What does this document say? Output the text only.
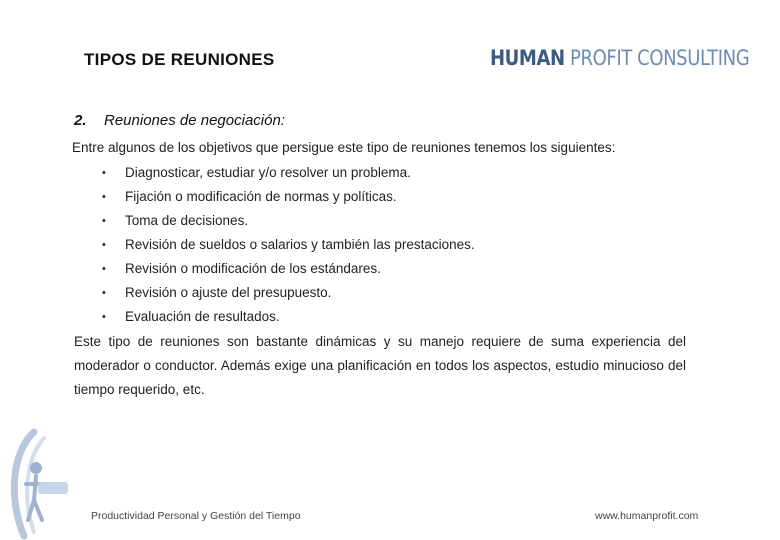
TIPOS DE REUNIONES	HUMAN PROFIT CONSULTING
2. Reuniones de negociación:
Entre algunos de los objetivos que persigue este tipo de reuniones tenemos los siguientes:
• Diagnosticar, estudiar y/o resolver un problema.
• Fijación o modificación de normas y políticas.
• Toma de decisiones.
• Revisión de sueldos o salarios y también las prestaciones.
• Revisión o modificación de los estándares.
• Revisión o ajuste del presupuesto.
• Evaluación de resultados.
Este tipo de reuniones son bastante dinámicas y su manejo requiere de suma experiencia del moderador o conductor. Además exige una planificación en todos los aspectos, estudio minucioso del tiempo requerido, etc.
Productividad Personal y Gestión del Tiempo	www.humanprofit.com
